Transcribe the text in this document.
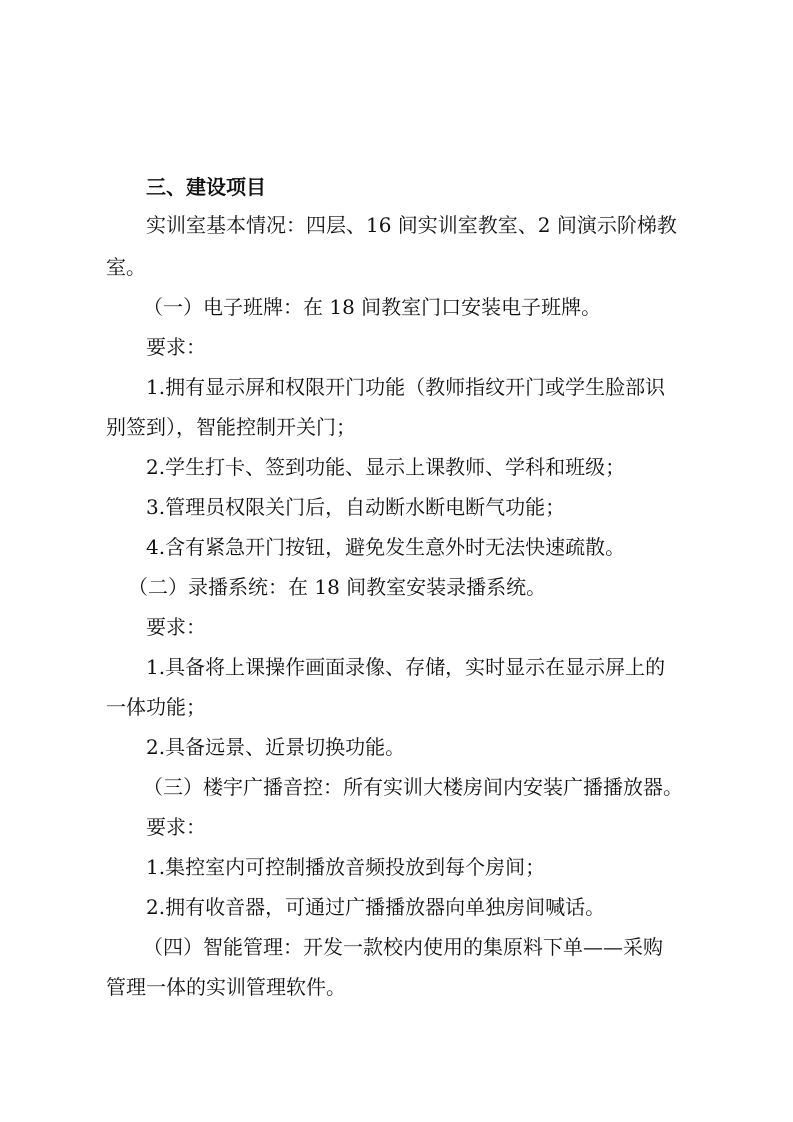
三、建设项目
实训室基本情况：四层、16 间实训室教室、2 间演示阶梯教
室。
（一）电子班牌：在 18 间教室门口安装电子班牌。
要求：
1.拥有显示屏和权限开门功能（教师指纹开门或学生脸部识
别签到），智能控制开关门；
2.学生打卡、签到功能、显示上课教师、学科和班级；
3.管理员权限关门后，自动断水断电断气功能；
4.含有紧急开门按钮，避免发生意外时无法快速疏散。
（二）录播系统：在 18 间教室安装录播系统。
要求：
1.具备将上课操作画面录像、存储，实时显示在显示屏上的
一体功能；
2.具备远景、近景切换功能。
（三）楼宇广播音控：所有实训大楼房间内安装广播播放器。
要求：
1.集控室内可控制播放音频投放到每个房间；
2.拥有收音器，可通过广播播放器向单独房间喊话。
（四）智能管理：开发一款校内使用的集原料下单——采购
管理一体的实训管理软件。
